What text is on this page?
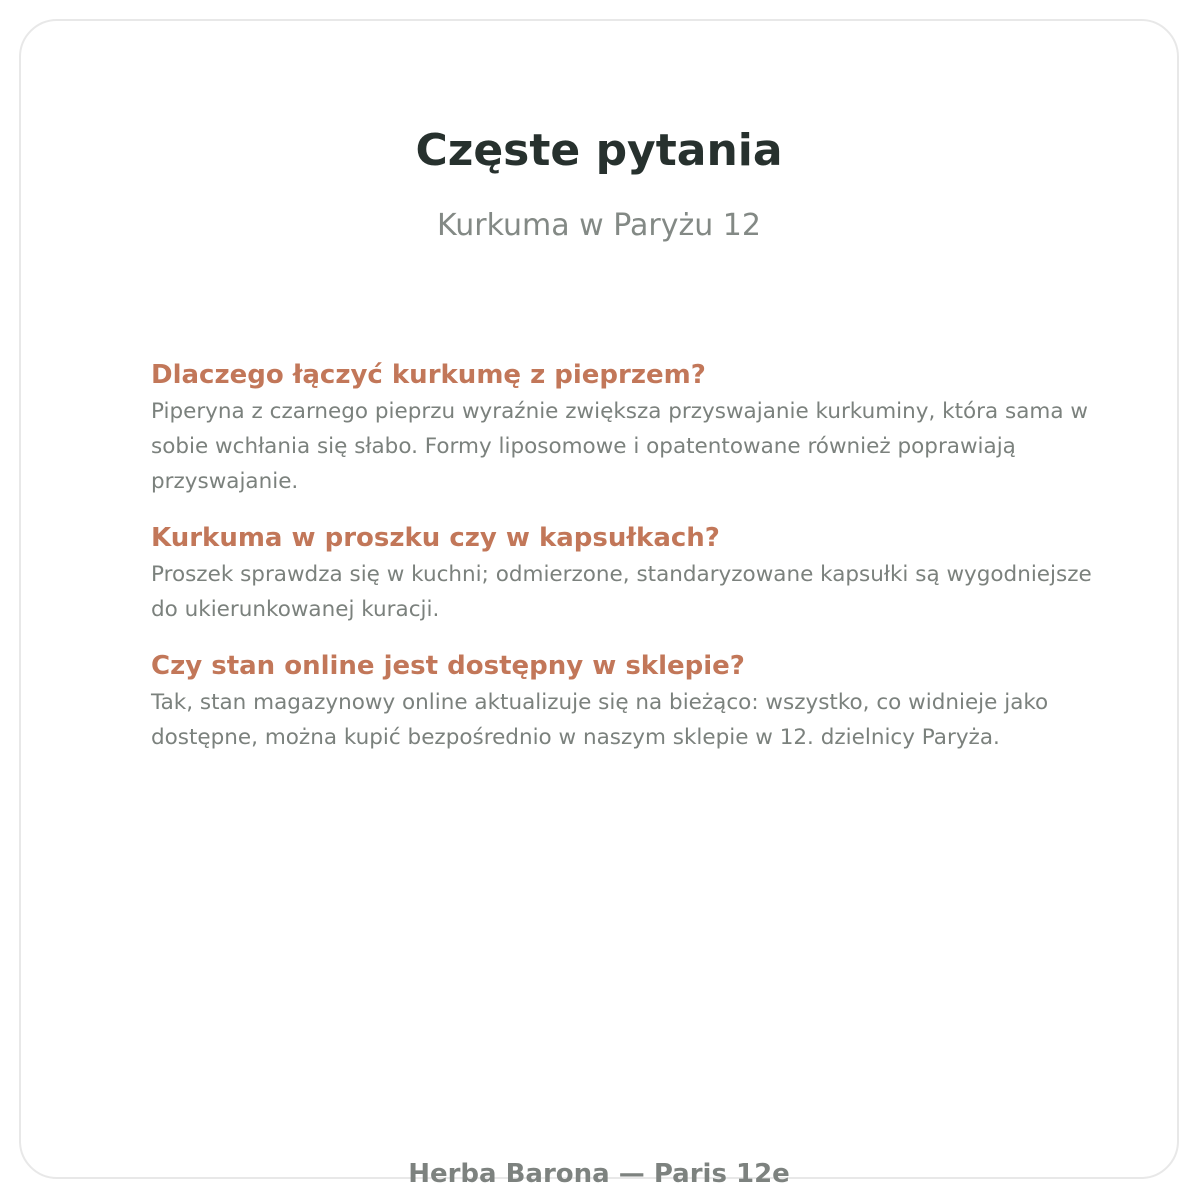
Częste pytania

Kurkuma w Paryżu 12

Dlaczego łączyć kurkumę z pieprzem?

Piperyna z czarnego pieprzu wyraźnie zwiększa przyswajanie kurkuminy, która sama w sobie wchłania się słabo. Formy liposomowe i opatentowane również poprawiają przyswajanie.

Kurkuma w proszku czy w kapsułkach?

Proszek sprawdza się w kuchni; odmierzone, standaryzowane kapsułki są wygodniejsze do ukierunkowanej kuracji.

Czy stan online jest dostępny w sklepie?

Tak, stan magazynowy online aktualizuje się na bieżąco: wszystko, co widnieje jako dostępne, można kupić bezpośrednio w naszym sklepie w 12. dzielnicy Paryża.

Herba Barona — Paris 12e
